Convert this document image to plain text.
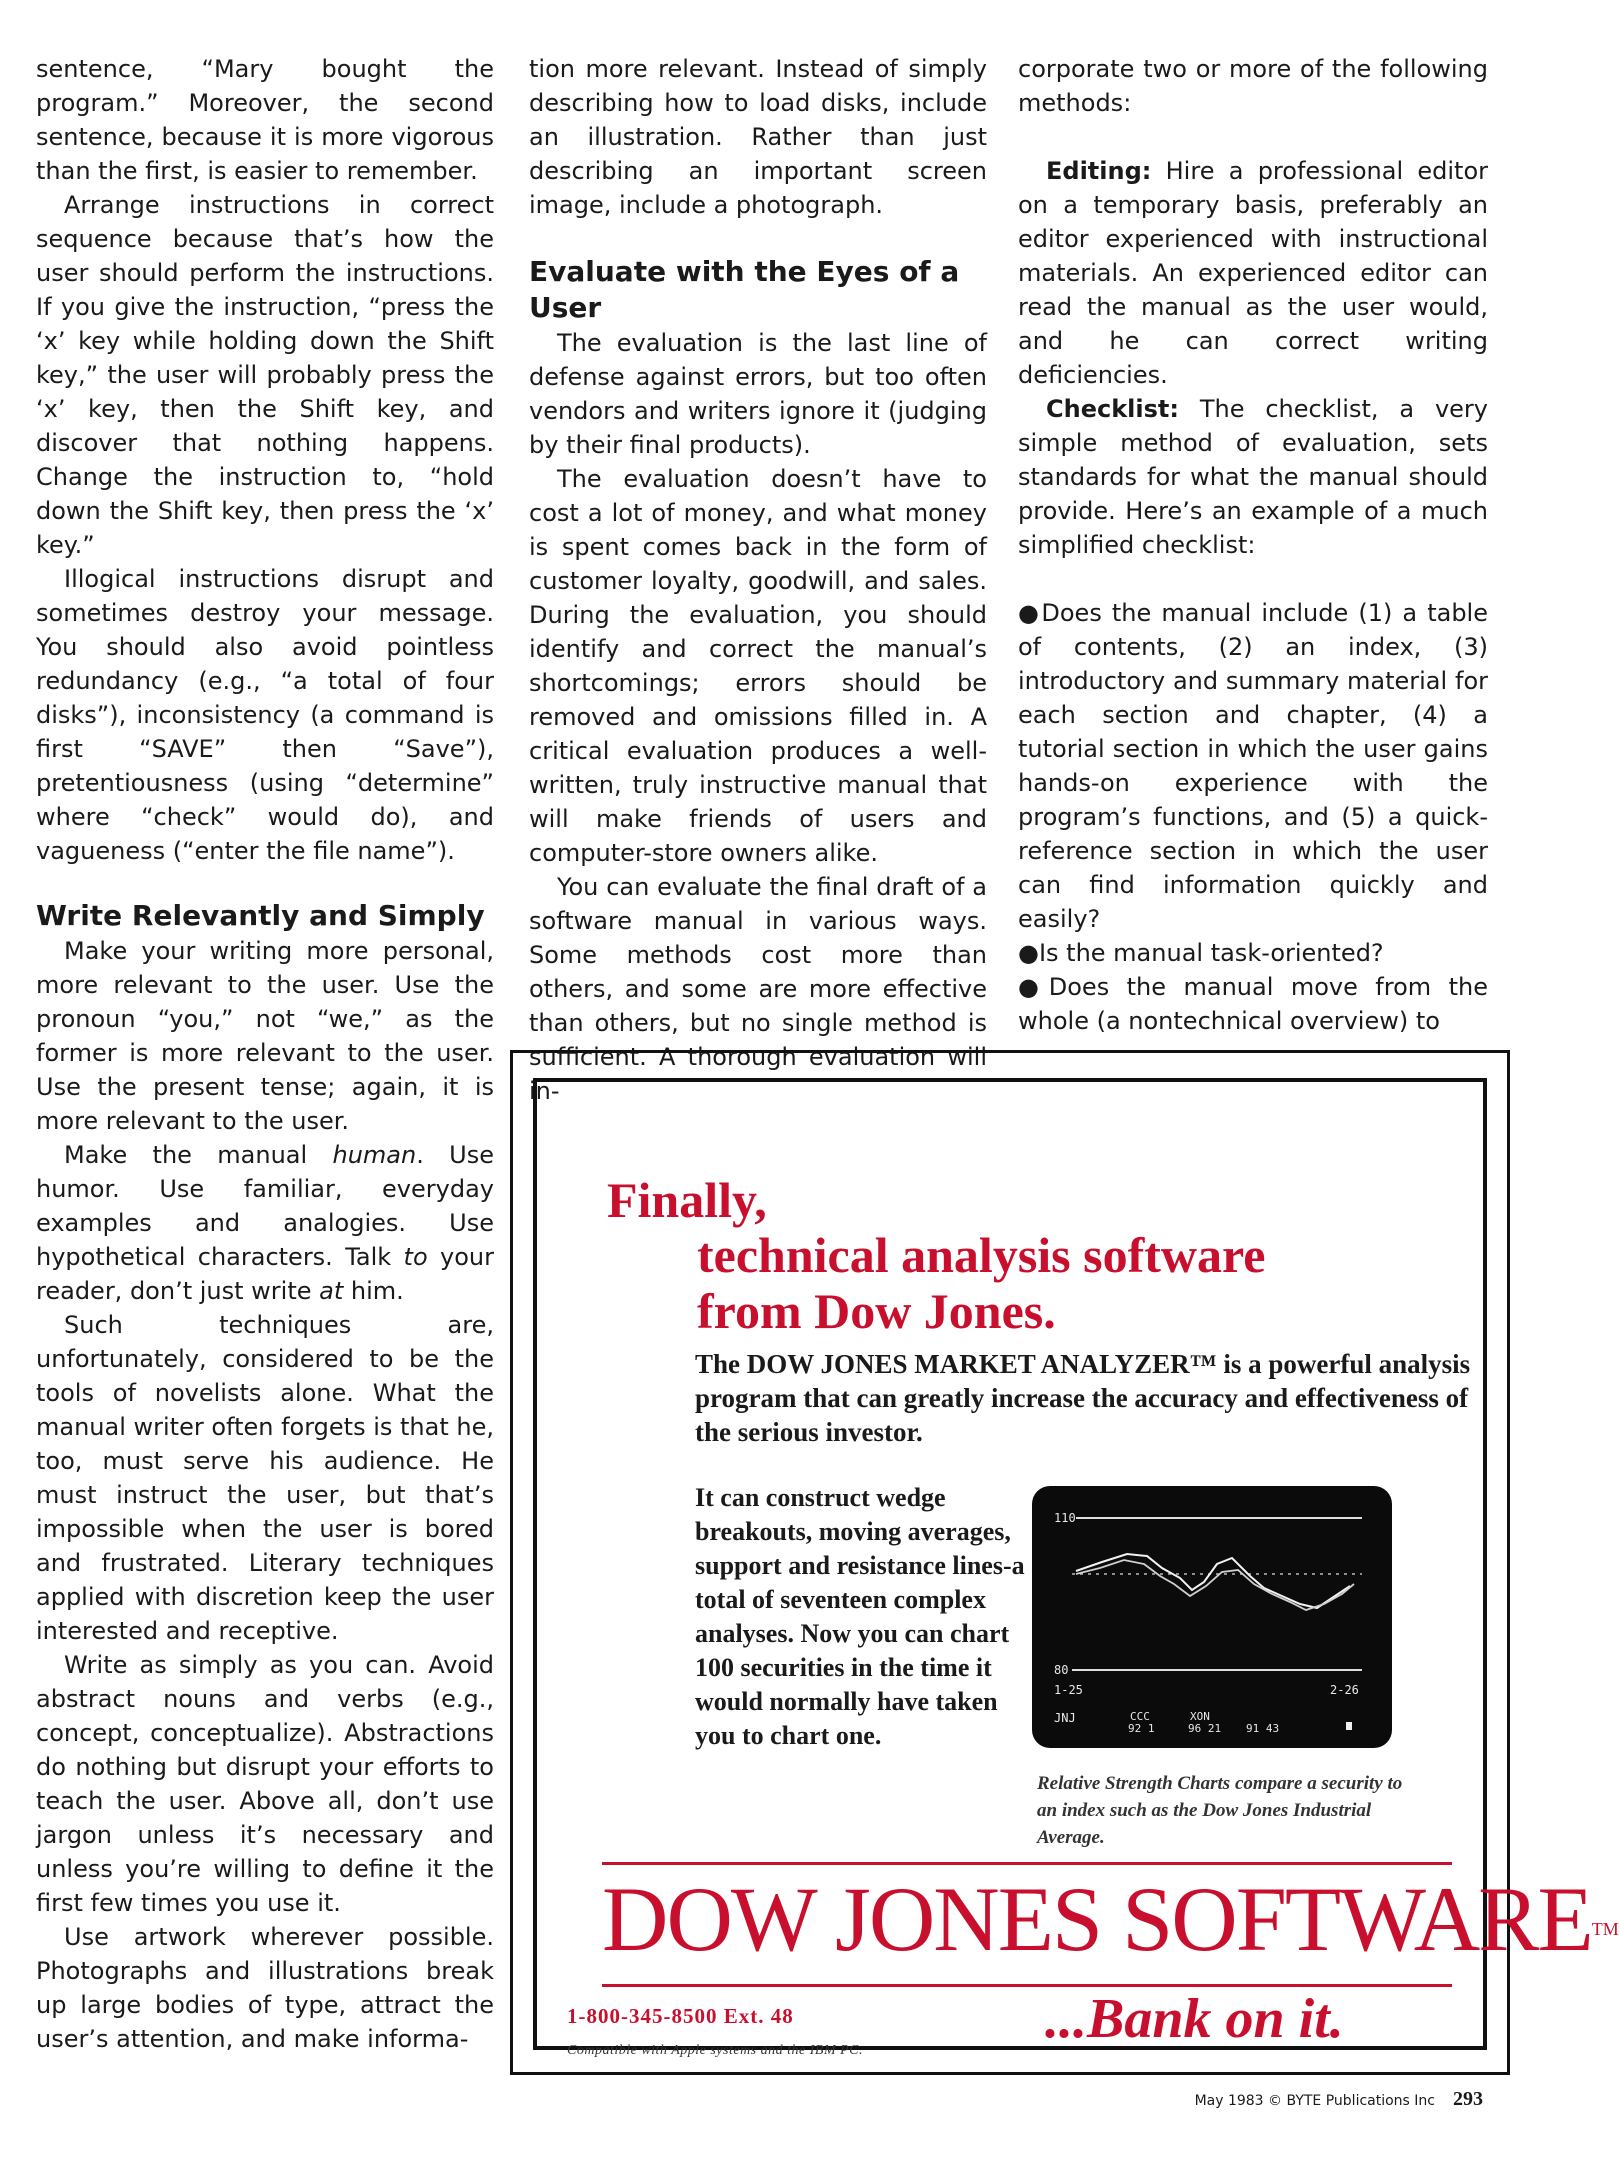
sentence, “Mary bought the program.” Moreover, the second sentence, because it is more vigorous than the first, is easier to remember.

Arrange instructions in correct sequence because that’s how the user should perform the instructions. If you give the instruction, “press the ‘x’ key while holding down the Shift key,” the user will probably press the ‘x’ key, then the Shift key, and discover that nothing happens. Change the instruction to, “hold down the Shift key, then press the ‘x’ key.”

Illogical instructions disrupt and sometimes destroy your message. You should also avoid pointless redundancy (e.g., “a total of four disks”), inconsistency (a command is first “SAVE” then “Save”), pretentiousness (using “determine” where “check” would do), and vagueness (“enter the file name”).

Write Relevantly and Simply

Make your writing more personal, more relevant to the user. Use the pronoun “you,” not “we,” as the former is more relevant to the user. Use the present tense; again, it is more relevant to the user.

Make the manual human. Use humor. Use familiar, everyday examples and analogies. Use hypothetical characters. Talk to your reader, don’t just write at him.

Such techniques are, unfortunately, considered to be the tools of novelists alone. What the manual writer often forgets is that he, too, must serve his audience. He must instruct the user, but that’s impossible when the user is bored and frustrated. Literary techniques applied with discretion keep the user interested and receptive.

Write as simply as you can. Avoid abstract nouns and verbs (e.g., concept, conceptualize). Abstractions do nothing but disrupt your efforts to teach the user. Above all, don’t use jargon unless it’s necessary and unless you’re willing to define it the first few times you use it.

Use artwork wherever possible. Photographs and illustrations break up large bodies of type, attract the user’s attention, and make informa-

tion more relevant. Instead of simply describing how to load disks, include an illustration. Rather than just describing an important screen image, include a photograph.

Evaluate with the Eyes of a User

The evaluation is the last line of defense against errors, but too often vendors and writers ignore it (judging by their final products).

The evaluation doesn’t have to cost a lot of money, and what money is spent comes back in the form of customer loyalty, goodwill, and sales. During the evaluation, you should identify and correct the manual’s shortcomings; errors should be removed and omissions filled in. A critical evaluation produces a well-written, truly instructive manual that will make friends of users and computer-store owners alike.

You can evaluate the final draft of a software manual in various ways. Some methods cost more than others, and some are more effective than others, but no single method is sufficient. A thorough evaluation will in-

corporate two or more of the following methods:

Editing: Hire a professional editor on a temporary basis, preferably an editor experienced with instructional materials. An experienced editor can read the manual as the user would, and he can correct writing deficiencies.

Checklist: The checklist, a very simple method of evaluation, sets standards for what the manual should provide. Here’s an example of a much simplified checklist:

●Does the manual include (1) a table of contents, (2) an index, (3) introductory and summary material for each section and chapter, (4) a tutorial section in which the user gains hands-on experience with the program’s functions, and (5) a quick-reference section in which the user can find information quickly and easily?
●Is the manual task-oriented?
●Does the manual move from the whole (a nontechnical overview) to
Finally,
technical analysis software
from Dow Jones.
The DOW JONES MARKET ANALYZER™ is a powerful analysis program that can greatly increase the accuracy and effectiveness of the serious investor.
It can construct wedge breakouts, moving averages, support and resistance lines-a total of seventeen complex analyses. Now you can chart 100 securities in the time it would normally have taken you to chart one.
110
80
1-25	2-26
JNJ	CCC
92 1
XON
96 21 91 43
Relative Strength Charts compare a security to an index such as the Dow Jones Industrial Average.
DOW JONES SOFTWARE™
1-800-345-8500 Ext. 48
Compatible with Apple systems and the IBM PC.
...Bank on it.
May 1983 © BYTE Publications Inc 293
